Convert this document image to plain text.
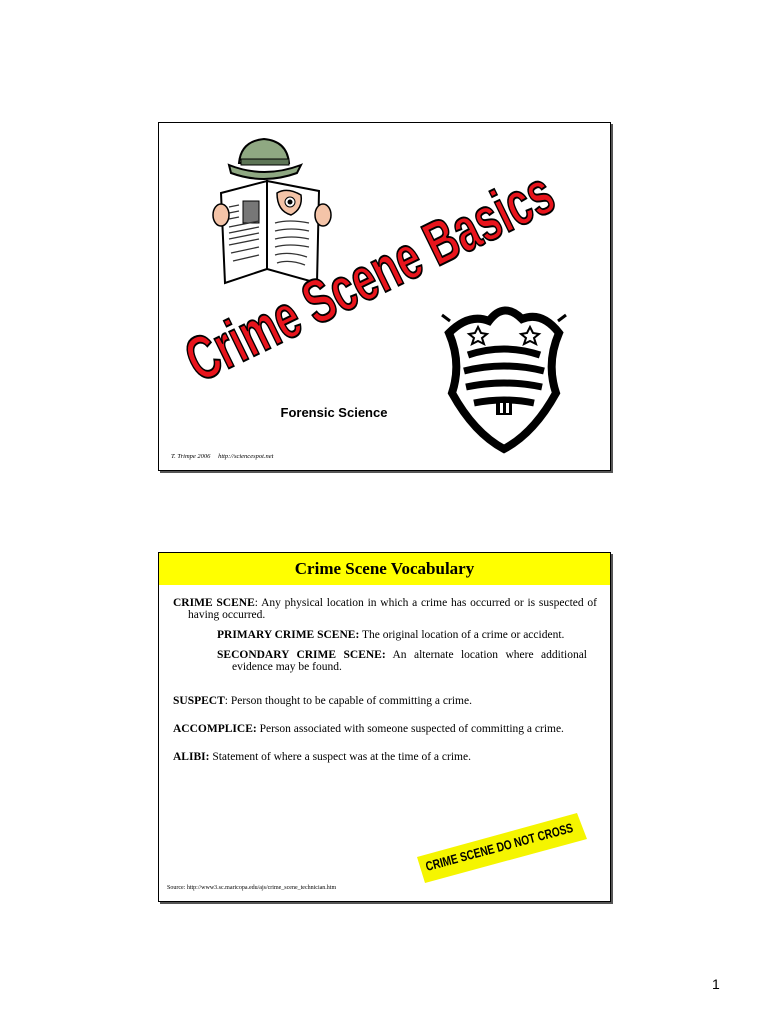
Crime Scene Basics
Forensic Science
T. Trimpe 2006 http://sciencespot.net
Crime Scene Vocabulary

CRIME SCENE: Any physical location in which a crime has occurred or is suspected of having occurred.

PRIMARY CRIME SCENE: The original location of a crime or accident.

SECONDARY CRIME SCENE: An alternate location where additional evidence may be found.

SUSPECT: Person thought to be capable of committing a crime.

ACCOMPLICE: Person associated with someone suspected of committing a crime.

ALIBI: Statement of where a suspect was at the time of a crime.

CRIME SCENE DO NOT CROSS
Source: http://www3.sc.maricopa.edu/ajs/crime_scene_technician.htm
1
